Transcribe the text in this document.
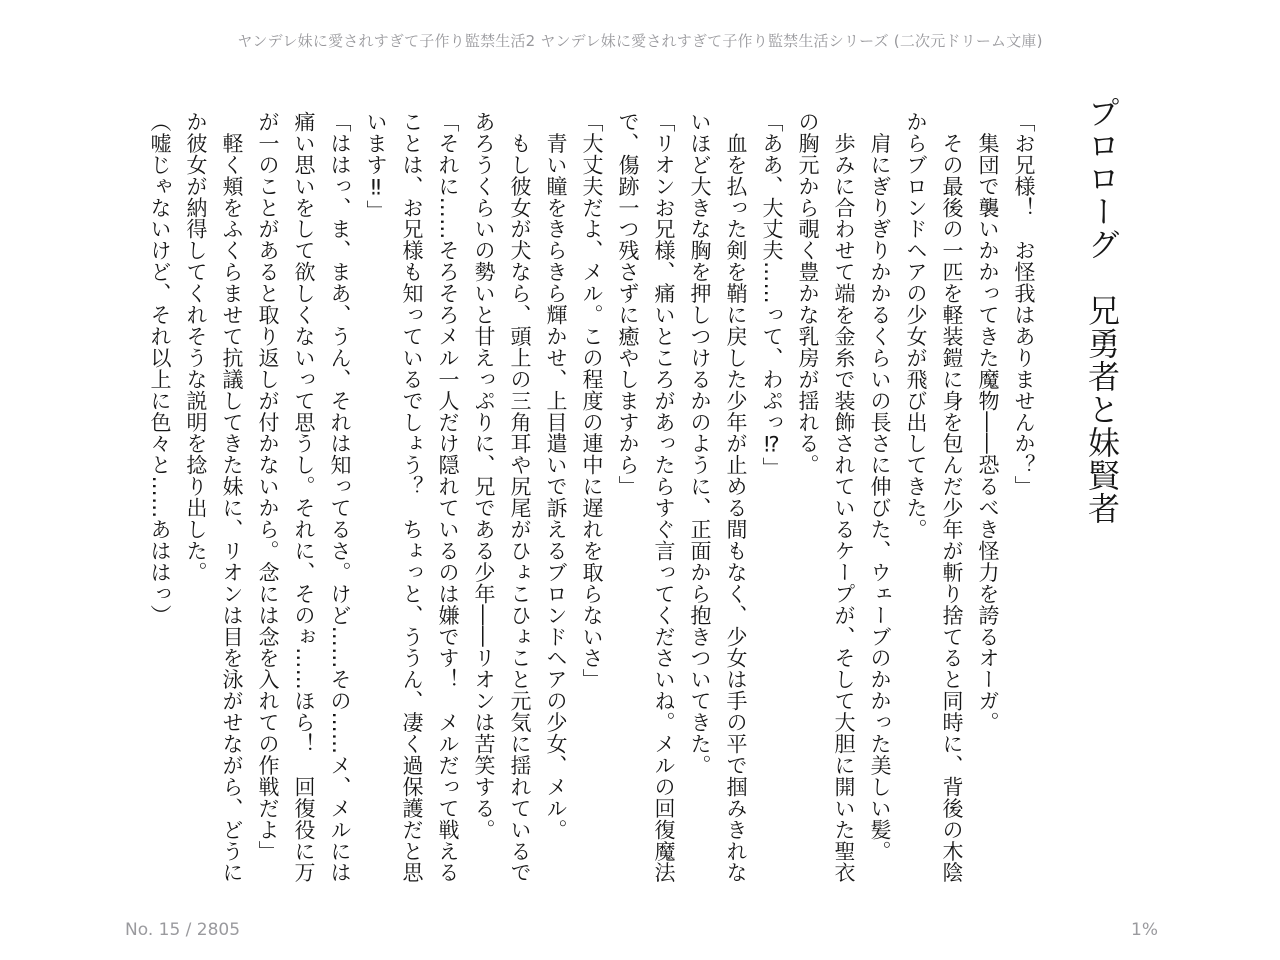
ヤンデレ妹に愛されすぎて子作り監禁生活2 ヤンデレ妹に愛されすぎて子作り監禁生活シリーズ (二次元ドリーム文庫)
プロローグ　兄勇者と妹賢者
「お兄様！　お怪我はありませんか？」
　集団で襲いかかってきた魔物――恐るべき怪力を誇るオーガ。
　その最後の一匹を軽装鎧に身を包んだ少年が斬り捨てると同時に、背後の木陰
からブロンドヘアの少女が飛び出してきた。
　肩にぎりぎりかかるくらいの長さに伸びた、ウェーブのかかった美しい髪。
　歩みに合わせて端を金糸で装飾されているケープが、そして大胆に開いた聖衣
の胸元から覗く豊かな乳房が揺れる。
「ああ、大丈夫……って、わぷっ⁉」
　血を払った剣を鞘に戻した少年が止める間もなく、少女は手の平で掴みきれな
いほど大きな胸を押しつけるかのように、正面から抱きついてきた。
「リオンお兄様、痛いところがあったらすぐ言ってくださいね。メルの回復魔法
で、傷跡一つ残さずに癒やしますから」
「大丈夫だよ、メル。この程度の連中に遅れを取らないさ」
　青い瞳をきらきら輝かせ、上目遣いで訴えるブロンドヘアの少女、メル。
　もし彼女が犬なら、頭上の三角耳や尻尾がひょこひょこと元気に揺れているで
あろうくらいの勢いと甘えっぷりに、兄である少年――リオンは苦笑する。
「それに……そろそろメル一人だけ隠れているのは嫌です！　メルだって戦える
ことは、お兄様も知っているでしょう？　ちょっと、ううん、凄く過保護だと思
います‼」
「ははっ、ま、まあ、うん、それは知ってるさ。けど……その……メ、メルには
痛い思いをして欲しくないって思うし。それに、そのぉ……ほら！　回復役に万
が一のことがあると取り返しが付かないから。念には念を入れての作戦だよ」
　軽く頬をふくらませて抗議してきた妹に、リオンは目を泳がせながら、どうに
か彼女が納得してくれそうな説明を捻り出した。
（嘘じゃないけど、それ以上に色々と……あははっ）
No. 15 / 2805	1%
